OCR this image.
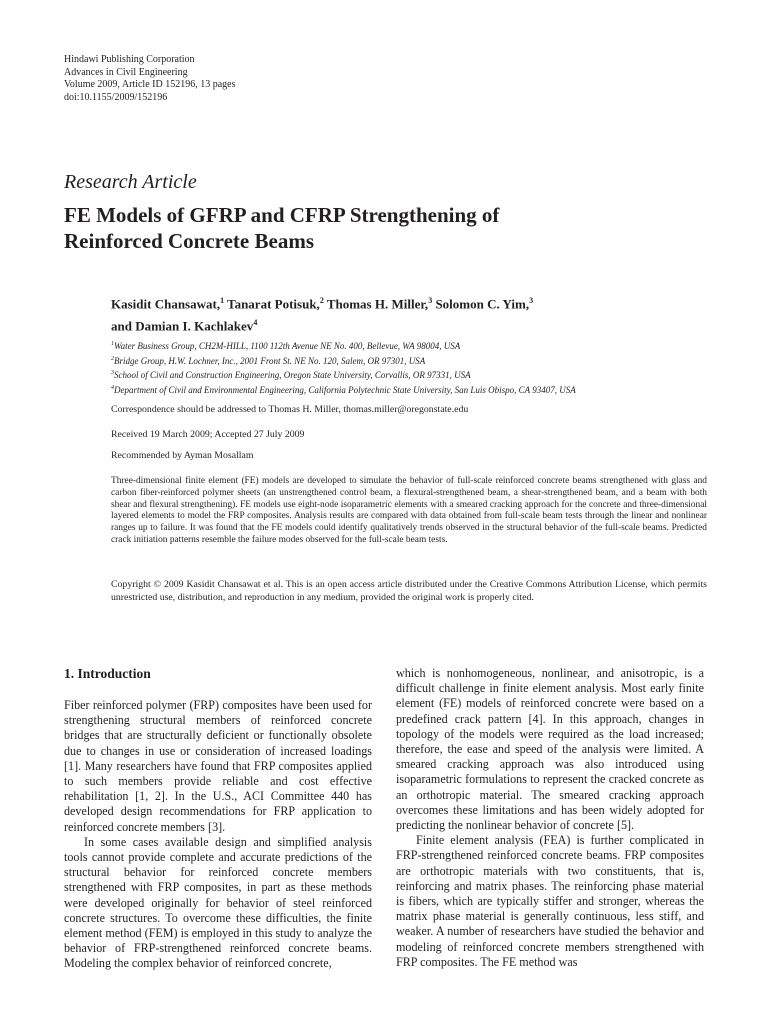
Hindawi Publishing Corporation
Advances in Civil Engineering
Volume 2009, Article ID 152196, 13 pages
doi:10.1155/2009/152196
Research Article
FE Models of GFRP and CFRP Strengthening of
Reinforced Concrete Beams
Kasidit Chansawat,$^1$ Tanarat Potisuk,$^2$ Thomas H. Miller,$^3$ Solomon C. Yim,$^3$
and Damian I. Kachlakev$^4$
$^1$Water Business Group, CH2M-HILL, 1100 112th Avenue NE No. 400, Bellevue, WA 98004, USA
$^2$Bridge Group, H.W. Lochner, Inc., 2001 Front St. NE No. 120, Salem, OR 97301, USA
$^3$School of Civil and Construction Engineering, Oregon State University, Corvallis, OR 97331, USA
$^4$Department of Civil and Environmental Engineering, California Polytechnic State University, San Luis Obispo, CA 93407, USA
Correspondence should be addressed to Thomas H. Miller, thomas.miller@oregonstate.edu
Received 19 March 2009; Accepted 27 July 2009
Recommended by Ayman Mosallam
Three-dimensional finite element (FE) models are developed to simulate the behavior of full-scale reinforced concrete beams strengthened with glass and carbon fiber-reinforced polymer sheets (an unstrengthened control beam, a flexural-strengthened beam, a shear-strengthened beam, and a beam with both shear and flexural strengthening). FE models use eight-node isoparametric elements with a smeared cracking approach for the concrete and three-dimensional layered elements to model the FRP composites. Analysis results are compared with data obtained from full-scale beam tests through the linear and nonlinear ranges up to failure. It was found that the FE models could identify qualitatively trends observed in the structural behavior of the full-scale beams. Predicted crack initiation patterns resemble the failure modes observed for the full-scale beam tests.
Copyright © 2009 Kasidit Chansawat et al. This is an open access article distributed under the Creative Commons Attribution License, which permits unrestricted use, distribution, and reproduction in any medium, provided the original work is properly cited.
1. Introduction

Fiber reinforced polymer (FRP) composites have been used for strengthening structural members of reinforced concrete bridges that are structurally deficient or functionally obsolete due to changes in use or consideration of increased loadings [1]. Many researchers have found that FRP composites applied to such members provide reliable and cost effective rehabilitation [1, 2]. In the U.S., ACI Committee 440 has developed design recommendations for FRP application to reinforced concrete members [3].

In some cases available design and simplified analysis tools cannot provide complete and accurate predictions of the structural behavior for reinforced concrete members strengthened with FRP composites, in part as these methods were developed originally for behavior of steel reinforced concrete structures. To overcome these difficulties, the finite element method (FEM) is employed in this study to analyze the behavior of FRP-strengthened reinforced concrete beams. Modeling the complex behavior of reinforced concrete,

which is nonhomogeneous, nonlinear, and anisotropic, is a difficult challenge in finite element analysis. Most early finite element (FE) models of reinforced concrete were based on a predefined crack pattern [4]. In this approach, changes in topology of the models were required as the load increased; therefore, the ease and speed of the analysis were limited. A smeared cracking approach was also introduced using isoparametric formulations to represent the cracked concrete as an orthotropic material. The smeared cracking approach overcomes these limitations and has been widely adopted for predicting the nonlinear behavior of concrete [5].

Finite element analysis (FEA) is further complicated in FRP-strengthened reinforced concrete beams. FRP composites are orthotropic materials with two constituents, that is, reinforcing and matrix phases. The reinforcing phase material is fibers, which are typically stiffer and stronger, whereas the matrix phase material is generally continuous, less stiff, and weaker. A number of researchers have studied the behavior and modeling of reinforced concrete members strengthened with FRP composites. The FE method was
